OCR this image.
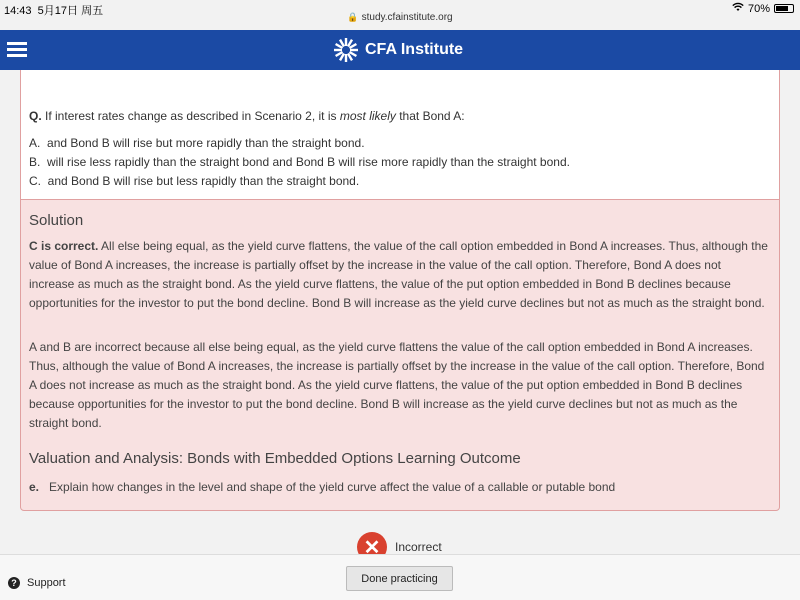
14:43 5月17日 周五	70%
🔒 study.cfainstitute.org
CFA Institute
Q. If interest rates change as described in Scenario 2, it is most likely that Bond A:
A. and Bond B will rise but more rapidly than the straight bond.
B. will rise less rapidly than the straight bond and Bond B will rise more rapidly than the straight bond.
C. and Bond B will rise but less rapidly than the straight bond.
Solution
C is correct. All else being equal, as the yield curve flattens, the value of the call option embedded in Bond A increases. Thus, although the value of Bond A increases, the increase is partially offset by the increase in the value of the call option. Therefore, Bond A does not increase as much as the straight bond. As the yield curve flattens, the value of the put option embedded in Bond B declines because opportunities for the investor to put the bond decline. Bond B will increase as the yield curve declines but not as much as the straight bond.
A and B are incorrect because all else being equal, as the yield curve flattens the value of the call option embedded in Bond A increases. Thus, although the value of Bond A increases, the increase is partially offset by the increase in the value of the call option. Therefore, Bond A does not increase as much as the straight bond. As the yield curve flattens, the value of the put option embedded in Bond B declines because opportunities for the investor to put the bond decline. Bond B will increase as the yield curve declines but not as much as the straight bond.
Valuation and Analysis: Bonds with Embedded Options Learning Outcome
e. Explain how changes in the level and shape of the yield curve affect the value of a callable or putable bond
✕	Incorrect
? Support	Done practicing
